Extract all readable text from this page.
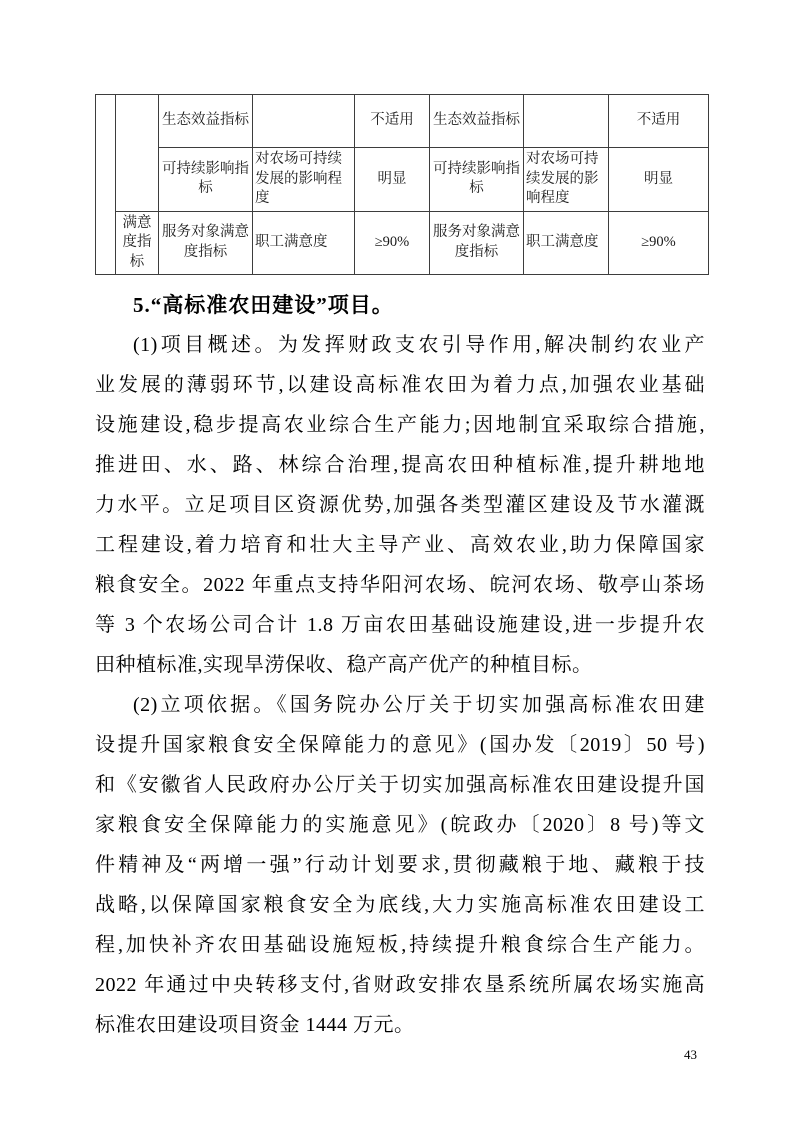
		生态效益指标		不适用	生态效益指标		不适用
		可持续影响指标	对农场可持续发展的影响程度	明显	可持续影响指标	对农场可持续发展的影响程度	明显
	满意度指标	服务对象满意度指标	职工满意度	≥90%	服务对象满意度指标	职工满意度	≥90%
5.“高标准农田建设”项目。
(1)项目概述。为发挥财政支农引导作用,解决制约农业产
业发展的薄弱环节,以建设高标准农田为着力点,加强农业基础
设施建设,稳步提高农业综合生产能力;因地制宜采取综合措施,
推进田、水、路、林综合治理,提高农田种植标准,提升耕地地
力水平。立足项目区资源优势,加强各类型灌区建设及节水灌溉
工程建设,着力培育和壮大主导产业、高效农业,助力保障国家
粮食安全。2022 年重点支持华阳河农场、皖河农场、敬亭山茶场
等 3 个农场公司合计 1.8 万亩农田基础设施建设,进一步提升农
田种植标准,实现旱涝保收、稳产高产优产的种植目标。
(2)立项依据。《国务院办公厅关于切实加强高标准农田建
设提升国家粮食安全保障能力的意见》(国办发〔2019〕50 号)
和《安徽省人民政府办公厅关于切实加强高标准农田建设提升国
家粮食安全保障能力的实施意见》(皖政办〔2020〕8 号)等文
件精神及“两增一强”行动计划要求,贯彻藏粮于地、藏粮于技
战略,以保障国家粮食安全为底线,大力实施高标准农田建设工
程,加快补齐农田基础设施短板,持续提升粮食综合生产能力。
2022 年通过中央转移支付,省财政安排农垦系统所属农场实施高
标准农田建设项目资金 1444 万元。
43
